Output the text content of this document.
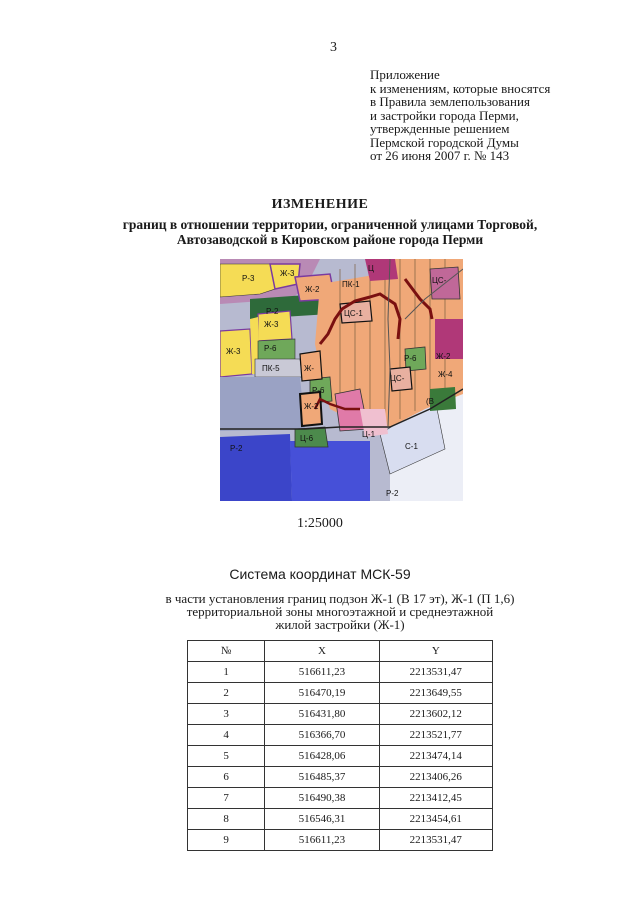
3
Приложение
к изменениям, которые вносятся
в Правила землепользования
и застройки города Перми,
утвержденные решением
Пермской городской Думы
от 26 июня 2007 г. № 143
ИЗМЕНЕНИЕ
границ в отношении территории, ограниченной улицами Торговой,
Автозаводской в Кировском районе города Перми
Р-3
Ж-3
Ж-2
ПК-1
Ц
Ж-3
Р-2
Ж-3	Р-6
ПК-5
ЦС-1
Ж-
Ж-2
Р-6
Ц-6	Ц-1
Р-6
ЦС-
Ж-2
ЦС-
Ж-4
(В
С-1
Р-2
Р-2
1:25000
Система координат МСК-59
в части установления границ подзон Ж-1 (В 17 эт), Ж-1 (П 1,6)
территориальной зоны многоэтажной и среднеэтажной
жилой застройки (Ж-1)
№	X	Y
1	516611,23	2213531,47
2	516470,19	2213649,55
3	516431,80	2213602,12
4	516366,70	2213521,77
5	516428,06	2213474,14
6	516485,37	2213406,26
7	516490,38	2213412,45
8	516546,31	2213454,61
9	516611,23	2213531,47
